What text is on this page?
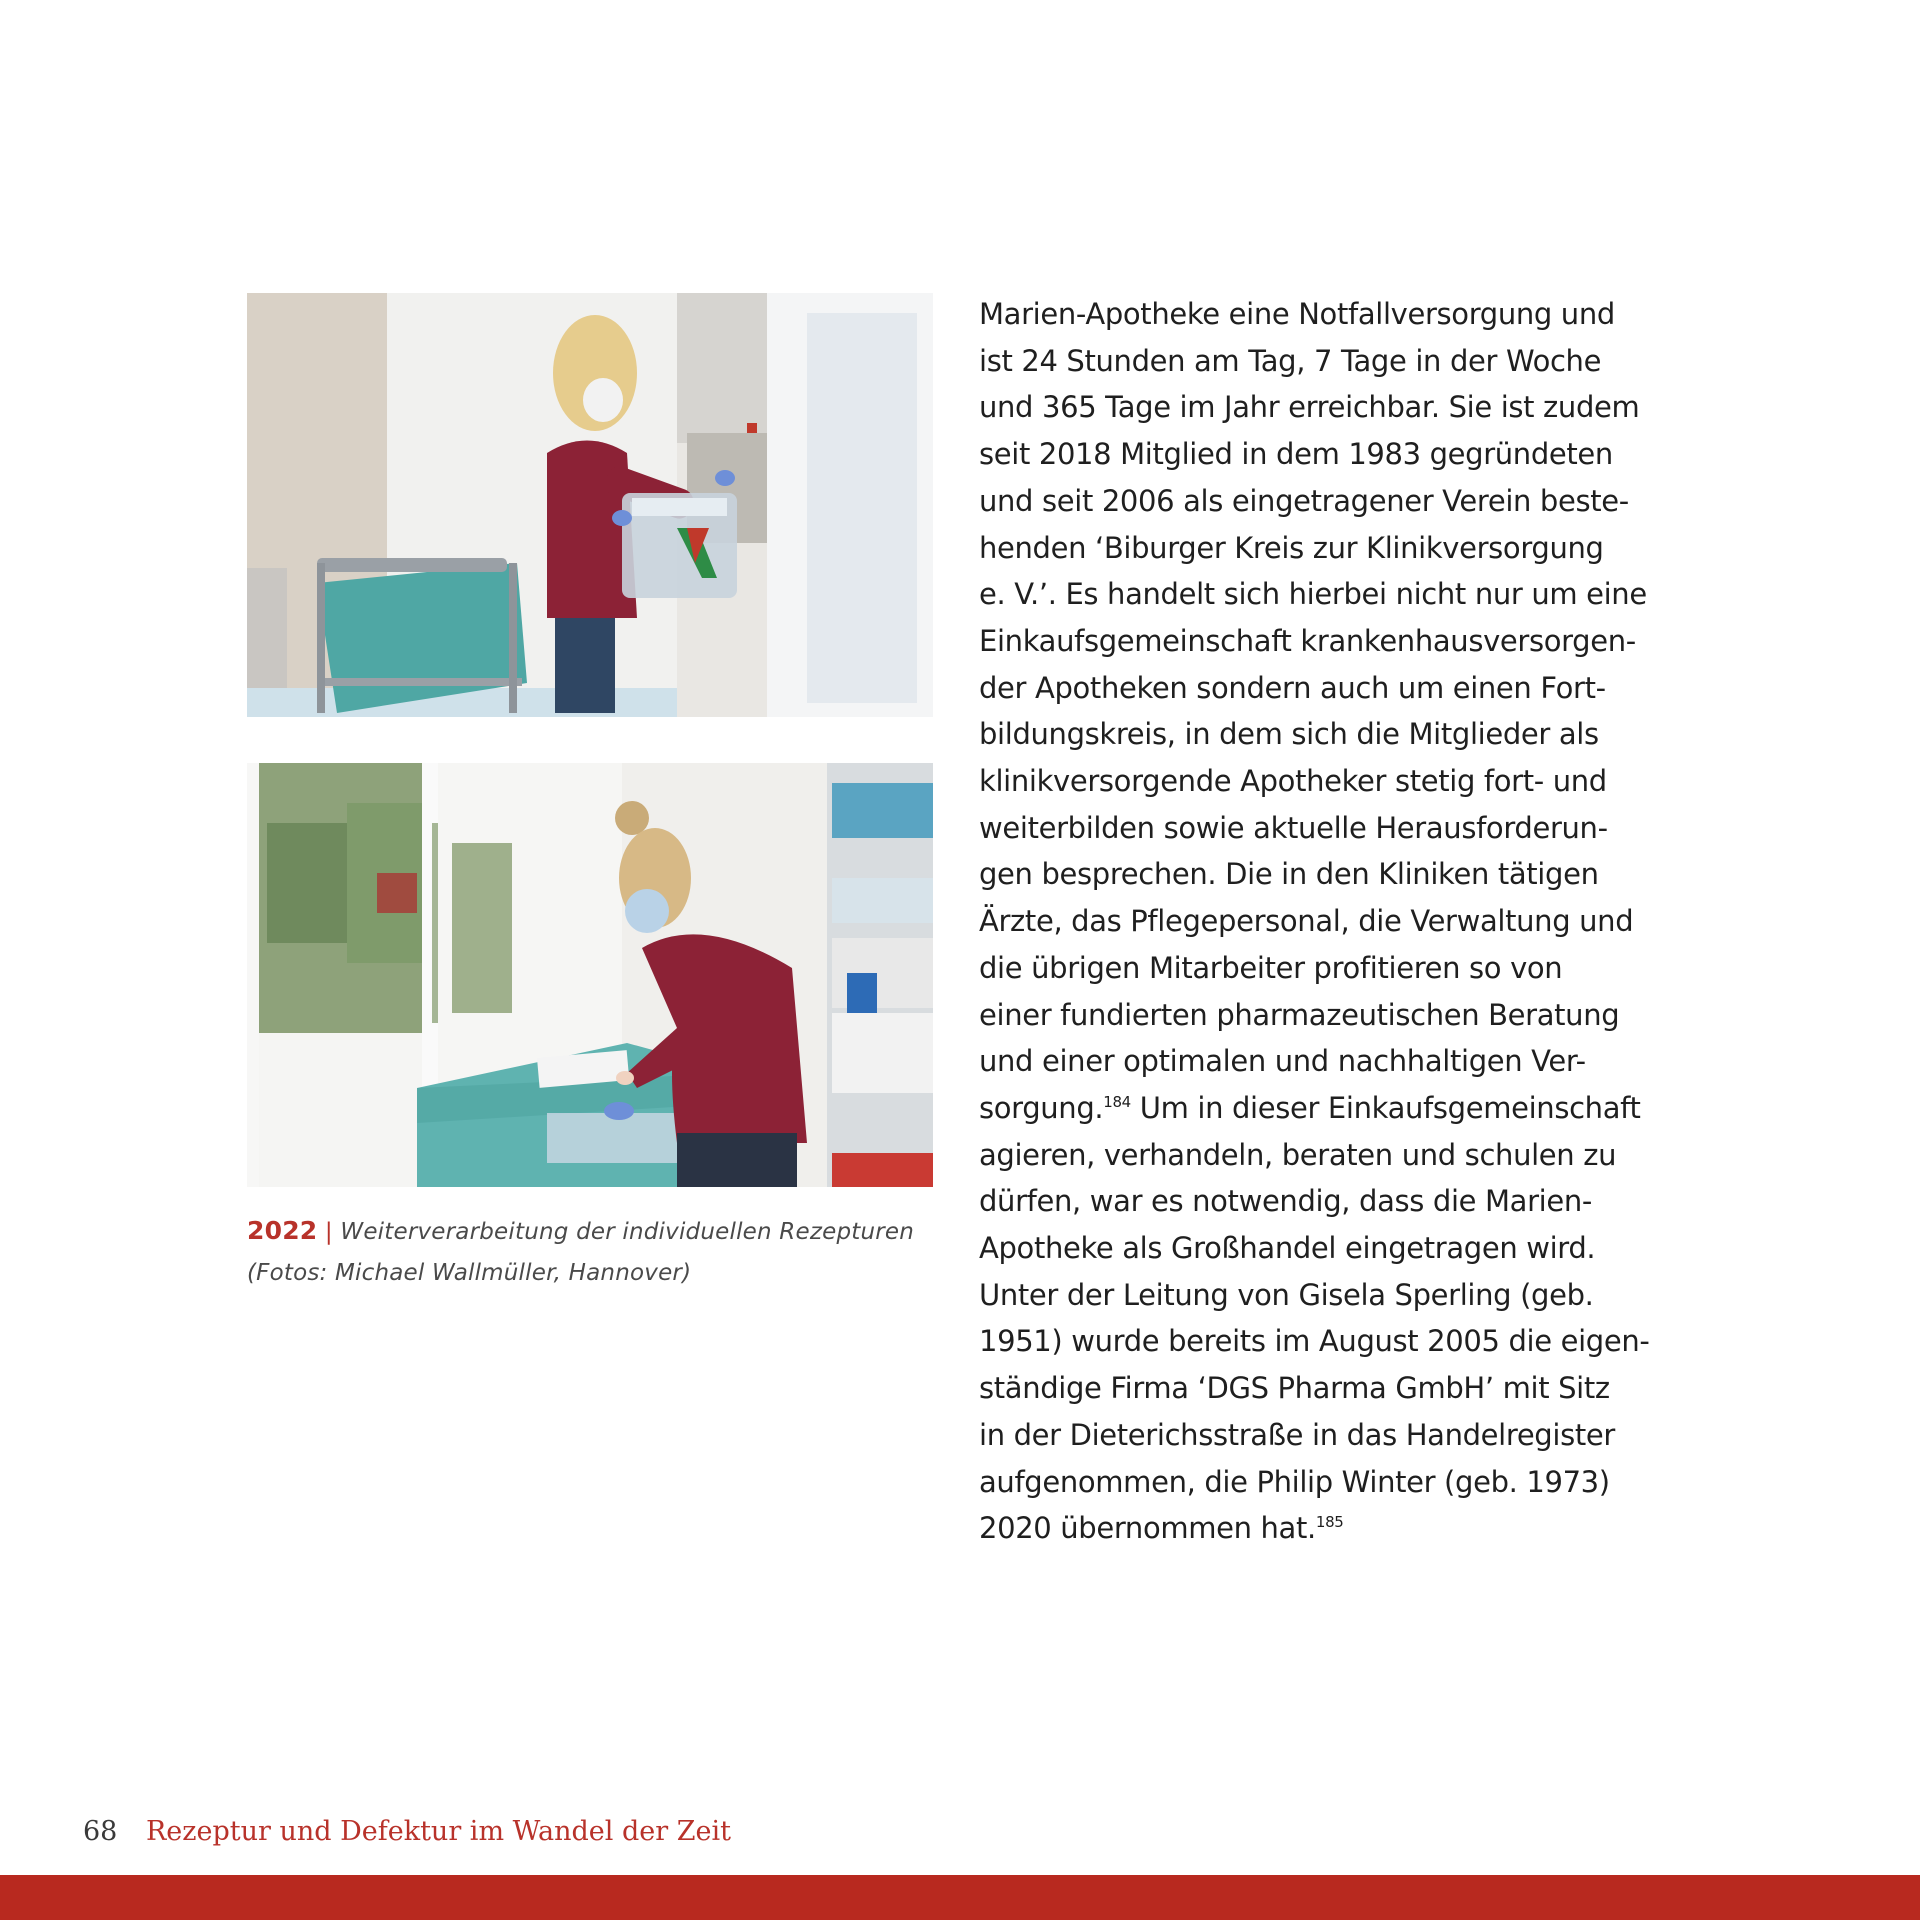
2022 | Weiterverarbeitung der individuellen Rezepturen
(Fotos: Michael Wallmüller, Hannover)
Marien-Apotheke eine Notfallversorgung und
ist 24 Stunden am Tag, 7 Tage in der Woche
und 365 Tage im Jahr erreichbar. Sie ist zudem
seit 2018 Mitglied in dem 1983 gegründeten
und seit 2006 als eingetragener Verein beste-
henden ‘Biburger Kreis zur Klinikversorgung
e. V.’. Es handelt sich hierbei nicht nur um eine
Einkaufsgemeinschaft krankenhausversorgen-
der Apotheken sondern auch um einen Fort-
bildungskreis, in dem sich die Mitglieder als
klinikversorgende Apotheker stetig fort- und
weiterbilden sowie aktuelle Herausforderun-
gen besprechen. Die in den Kliniken tätigen
Ärzte, das Pflegepersonal, die Verwaltung und
die übrigen Mitarbeiter profitieren so von
einer fundierten pharmazeutischen Beratung
und einer optimalen und nachhaltigen Ver-
sorgung.$^{184}$ Um in dieser Einkaufsgemeinschaft
agieren, verhandeln, beraten und schulen zu
dürfen, war es notwendig, dass die Marien-
Apotheke als Großhandel eingetragen wird.
Unter der Leitung von Gisela Sperling (geb.
1951) wurde bereits im August 2005 die eigen-
ständige Firma ‘DGS Pharma GmbH’ mit Sitz
in der Dieterichsstraße in das Handelregister
aufgenommen, die Philip Winter (geb. 1973)
2020 übernommen hat.$^{185}$
68 Rezeptur und Defektur im Wandel der Zeit
